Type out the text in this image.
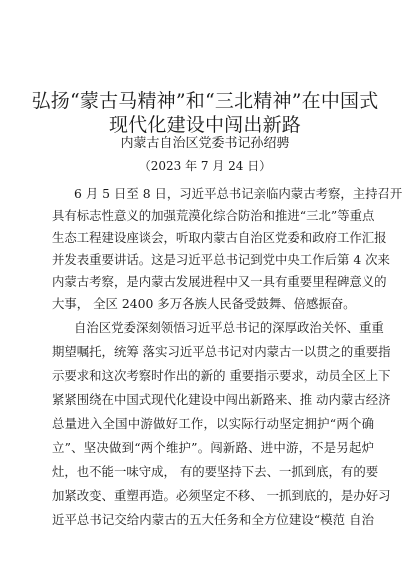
弘扬“蒙古马精神”和“三北精神”在中国式
现代化建设中闯出新路
内蒙古自治区党委书记孙绍骋
（2023 年 7 月 24 日）
6 月 5 日至 8 日，习近平总书记亲临内蒙古考察，主持召开
具有标志性意义的加强荒漠化综合防治和推进“三北”等重点
生态工程建设座谈会，听取内蒙古自治区党委和政府工作汇报
并发表重要讲话。这是习近平总书记到党中央工作后第 4 次来
内蒙古考察，是内蒙古发展进程中又一具有重要里程碑意义的
大事， 全区 2400 多万各族人民备受鼓舞、倍感振奋。
自治区党委深刻领悟习近平总书记的深厚政治关怀、重重
期望嘱托，统筹 落实习近平总书记对内蒙古一以贯之的重要指
示要求和这次考察时作出的新的 重要指示要求，动员全区上下
紧紧围绕在中国式现代化建设中闯出新路来、推 动内蒙古经济
总量进入全国中游做好工作，以实际行动坚定拥护“两个确
立”、坚决做到“两个维护”。闯新路、进中游，不是另起炉
灶，也不能一味守成， 有的要坚持下去、一抓到底，有的要
加紧改变、重塑再造。必须坚定不移、 一抓到底的，是办好习
近平总书记交给内蒙古的五大任务和全方位建设“模范 自治
